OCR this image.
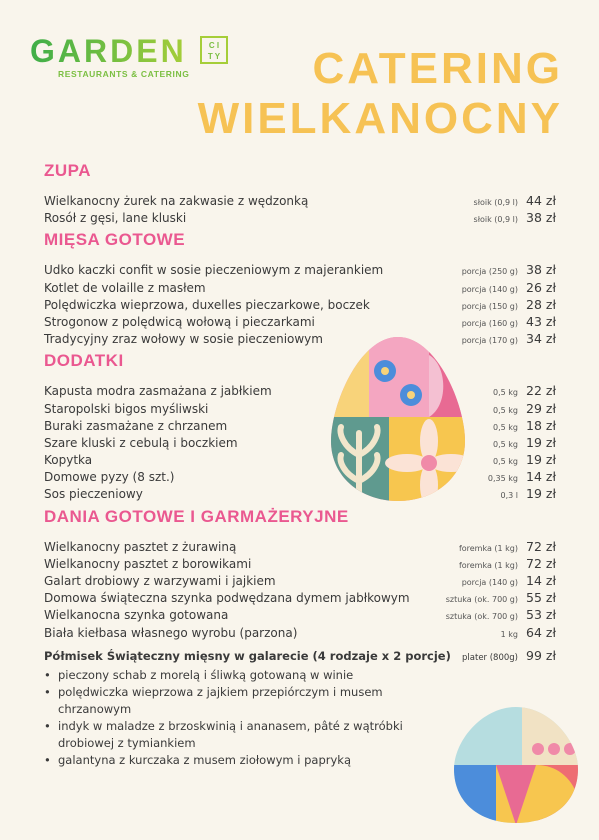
GARDEN	C I
T Y
RESTAURANTS & CATERING	CATERING
WIELKANOCNY
ZUPA
Wielkanocny żurek na zakwasie z wędzonką	słoik (0,9 l) 44 zł
Rosół z gęsi, lane kluski	słoik (0,9 l) 38 zł
MIĘSA GOTOWE
Udko kaczki confit w sosie pieczeniowym z majerankiem	porcja (250 g) 38 zł
Kotlet de volaille z masłem	porcja (140 g) 26 zł
Polędwiczka wieprzowa, duxelles pieczarkowe, boczek	porcja (150 g) 28 zł
Strogonow z polędwicą wołową i pieczarkami	porcja (160 g) 43 zł
Tradycyjny zraz wołowy w sosie pieczeniowym	porcja (170 g) 34 zł
DODATKI
Kapusta modra zasmażana z jabłkiem	0,5 kg 22 zł
Staropolski bigos myśliwski	0,5 kg 29 zł
Buraki zasmażane z chrzanem	0,5 kg 18 zł
Szare kluski z cebulą i boczkiem	0,5 kg 19 zł
Kopytka	0,5 kg 19 zł
Domowe pyzy (8 szt.)	0,35 kg 14 zł
Sos pieczeniowy	0,3 l 19 zł
DANIA GOTOWE I GARMAŻERYJNE
Wielkanocny pasztet z żurawiną	foremka (1 kg) 72 zł
Wielkanocny pasztet z borowikami	foremka (1 kg) 72 zł
Galart drobiowy z warzywami i jajkiem	porcja (140 g) 14 zł
Domowa świąteczna szynka podwędzana dymem jabłkowym	sztuka (ok. 700 g) 55 zł
Wielkanocna szynka gotowana	sztuka (ok. 700 g) 53 zł
Biała kiełbasa własnego wyrobu (parzona)	1 kg 64 zł
Półmisek Świąteczny mięsny w galarecie (4 rodzaje x 2 porcje)	plater (800g) 99 zł
• pieczony schab z morelą i śliwką gotowaną w winie
• polędwiczka wieprzowa z jajkiem przepiórczym i musem chrzanowym
• indyk w maladze z brzoskwinią i ananasem, pâté z wątróbki drobiowej z tymiankiem
• galantyna z kurczaka z musem ziołowym i papryką
